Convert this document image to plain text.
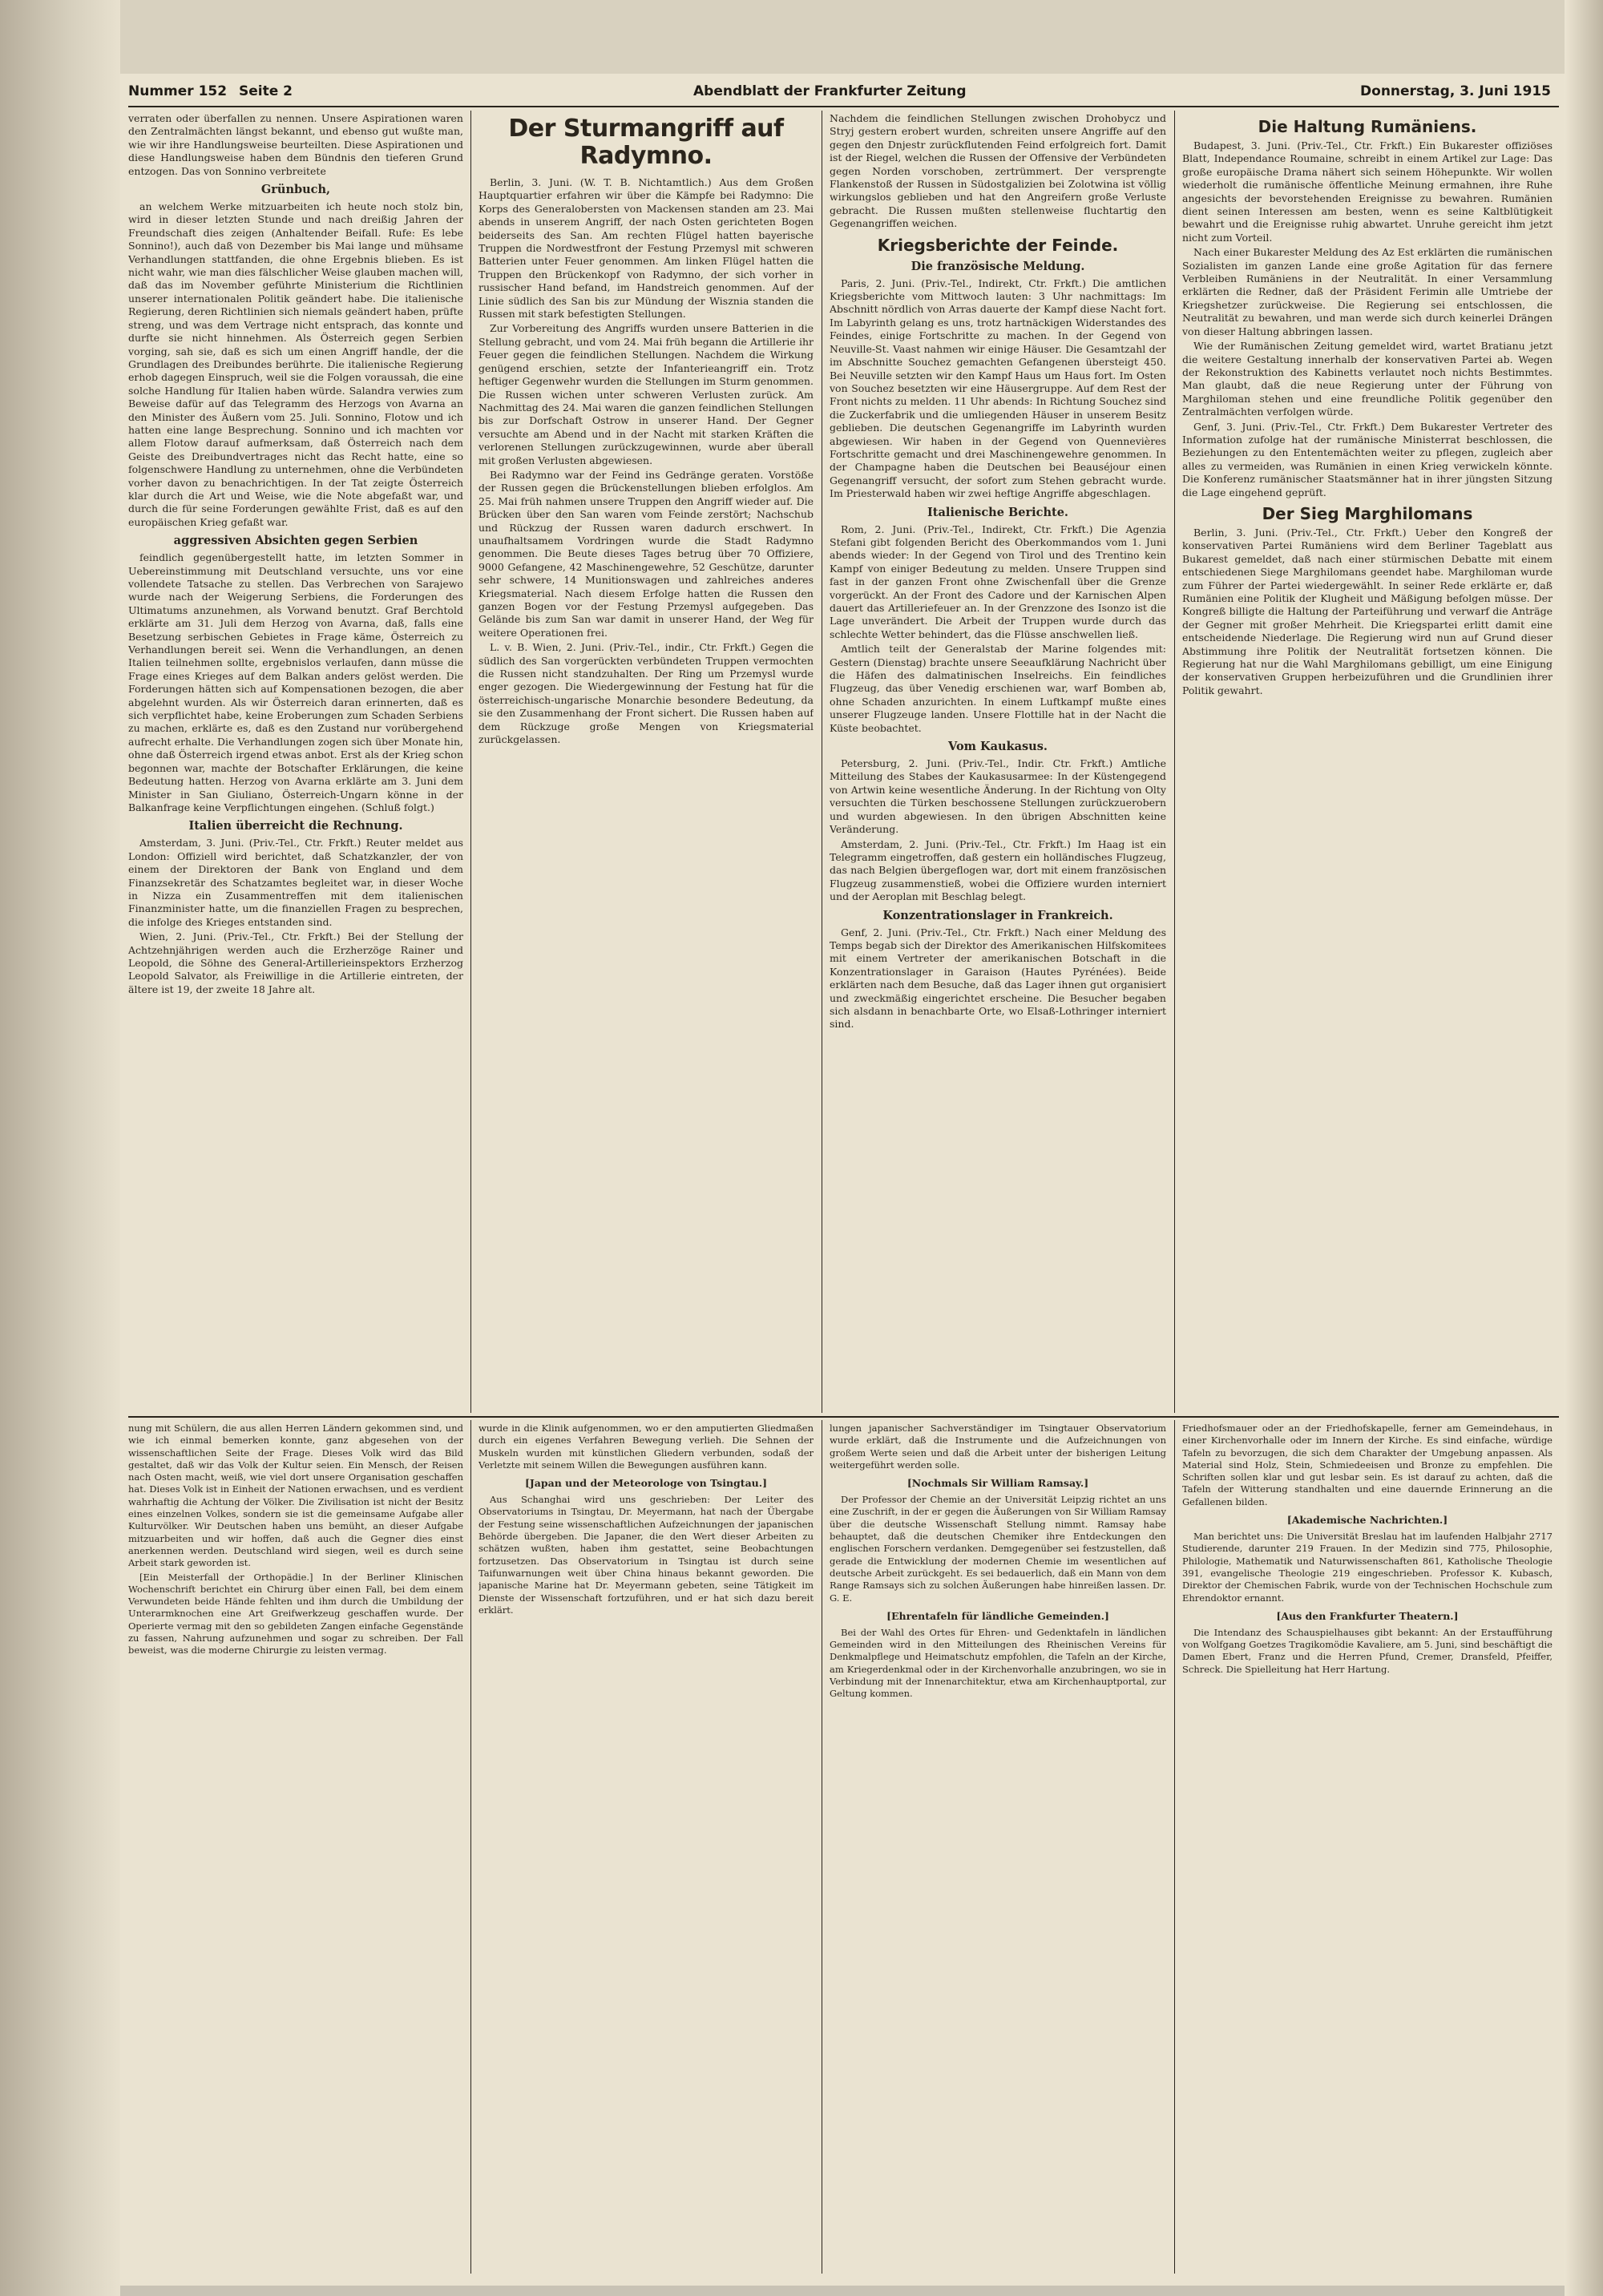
Nummer 152 Seite 2	Abendblatt der Frankfurter Zeitung	Donnerstag, 3. Juni 1915

verraten oder überfallen zu nennen. Unsere Aspirationen waren den Zentralmächten längst bekannt, und ebenso gut wußte man, wie wir ihre Handlungsweise beurteilten. Diese Aspirationen und diese Handlungsweise haben dem Bündnis den tieferen Grund entzogen. Das von Sonnino verbreitete

Grünbuch,

an welchem Werke mitzuarbeiten ich heute noch stolz bin, wird in dieser letzten Stunde und nach dreißig Jahren der Freundschaft dies zeigen (Anhaltender Beifall. Rufe: Es lebe Sonnino!), auch daß von Dezember bis Mai lange und mühsame Verhandlungen stattfanden, die ohne Ergebnis blieben. Es ist nicht wahr, wie man dies fälschlicher Weise glauben machen will, daß das im November geführte Ministerium die Richtlinien unserer internationalen Politik geändert habe. Die italienische Regierung, deren Richtlinien sich niemals geändert haben, prüfte streng, und was dem Vertrage nicht entsprach, das konnte und durfte sie nicht hinnehmen. Als Österreich gegen Serbien vorging, sah sie, daß es sich um einen Angriff handle, der die Grundlagen des Dreibundes berührte. Die italienische Regierung erhob dagegen Einspruch, weil sie die Folgen voraussah, die eine solche Handlung für Italien haben würde. Salandra verwies zum Beweise dafür auf das Telegramm des Herzogs von Avarna an den Minister des Äußern vom 25. Juli. Sonnino, Flotow und ich hatten eine lange Besprechung. Sonnino und ich machten vor allem Flotow darauf aufmerksam, daß Österreich nach dem Geiste des Dreibundvertrages nicht das Recht hatte, eine so folgenschwere Handlung zu unternehmen, ohne die Verbündeten vorher davon zu benachrichtigen. In der Tat zeigte Österreich klar durch die Art und Weise, wie die Note abgefaßt war, und durch die für seine Forderungen gewählte Frist, daß es auf den europäischen Krieg gefaßt war.

aggressiven Absichten gegen Serbien

feindlich gegenübergestellt hatte, im letzten Sommer in Uebereinstimmung mit Deutschland versuchte, uns vor eine vollendete Tatsache zu stellen. Das Verbrechen von Sarajewo wurde nach der Weigerung Serbiens, die Forderungen des Ultimatums anzunehmen, als Vorwand benutzt. Graf Berchtold erklärte am 31. Juli dem Herzog von Avarna, daß, falls eine Besetzung serbischen Gebietes in Frage käme, Österreich zu Verhandlungen bereit sei. Wenn die Verhandlungen, an denen Italien teilnehmen sollte, ergebnislos verlaufen, dann müsse die Frage eines Krieges auf dem Balkan anders gelöst werden. Die Forderungen hätten sich auf Kompensationen bezogen, die aber abgelehnt wurden. Als wir Österreich daran erinnerten, daß es sich verpflichtet habe, keine Eroberungen zum Schaden Serbiens zu machen, erklärte es, daß es den Zustand nur vorübergehend aufrecht erhalte. Die Verhandlungen zogen sich über Monate hin, ohne daß Österreich irgend etwas anbot. Erst als der Krieg schon begonnen war, machte der Botschafter Erklärungen, die keine Bedeutung hatten. Herzog von Avarna erklärte am 3. Juni dem Minister in San Giuliano, Österreich-Ungarn könne in der Balkanfrage keine Verpflichtungen eingehen. (Schluß folgt.)

Italien überreicht die Rechnung.

Amsterdam, 3. Juni. (Priv.-Tel., Ctr. Frkft.) Reuter meldet aus London: Offiziell wird berichtet, daß Schatzkanzler, der von einem der Direktoren der Bank von England und dem Finanzsekretär des Schatzamtes begleitet war, in dieser Woche in Nizza ein Zusammentreffen mit dem italienischen Finanzminister hatte, um die finanziellen Fragen zu besprechen, die infolge des Krieges entstanden sind.

Wien, 2. Juni. (Priv.-Tel., Ctr. Frkft.) Bei der Stellung der Achtzehnjährigen werden auch die Erzherzöge Rainer und Leopold, die Söhne des General-Artillerieinspektors Erzherzog Leopold Salvator, als Freiwillige in die Artillerie eintreten, der ältere ist 19, der zweite 18 Jahre alt.

Der Sturmangriff auf Radymno.

Berlin, 3. Juni. (W. T. B. Nichtamtlich.) Aus dem Großen Hauptquartier erfahren wir über die Kämpfe bei Radymno: Die Korps des Generalobersten von Mackensen standen am 23. Mai abends in unserem Angriff, der nach Osten gerichteten Bogen beiderseits des San. Am rechten Flügel hatten bayerische Truppen die Nordwestfront der Festung Przemysl mit schweren Batterien unter Feuer genommen. Am linken Flügel hatten die Truppen den Brückenkopf von Radymno, der sich vorher in russischer Hand befand, im Handstreich genommen. Auf der Linie südlich des San bis zur Mündung der Wisznia standen die Russen mit stark befestigten Stellungen.

Zur Vorbereitung des Angriffs wurden unsere Batterien in die Stellung gebracht, und vom 24. Mai früh begann die Artillerie ihr Feuer gegen die feindlichen Stellungen. Nachdem die Wirkung genügend erschien, setzte der Infanterieangriff ein. Trotz heftiger Gegenwehr wurden die Stellungen im Sturm genommen. Die Russen wichen unter schweren Verlusten zurück. Am Nachmittag des 24. Mai waren die ganzen feindlichen Stellungen bis zur Dorfschaft Ostrow in unserer Hand. Der Gegner versuchte am Abend und in der Nacht mit starken Kräften die verlorenen Stellungen zurückzugewinnen, wurde aber überall mit großen Verlusten abgewiesen.

Bei Radymno war der Feind ins Gedränge geraten. Vorstöße der Russen gegen die Brückenstellungen blieben erfolglos. Am 25. Mai früh nahmen unsere Truppen den Angriff wieder auf. Die Brücken über den San waren vom Feinde zerstört; Nachschub und Rückzug der Russen waren dadurch erschwert. In unaufhaltsamem Vordringen wurde die Stadt Radymno genommen. Die Beute dieses Tages betrug über 70 Offiziere, 9000 Gefangene, 42 Maschinengewehre, 52 Geschütze, darunter sehr schwere, 14 Munitionswagen und zahlreiches anderes Kriegsmaterial. Nach diesem Erfolge hatten die Russen den ganzen Bogen vor der Festung Przemysl aufgegeben. Das Gelände bis zum San war damit in unserer Hand, der Weg für weitere Operationen frei.

L. v. B. Wien, 2. Juni. (Priv.-Tel., indir., Ctr. Frkft.) Gegen die südlich des San vorgerückten verbündeten Truppen vermochten die Russen nicht standzuhalten. Der Ring um Przemysl wurde enger gezogen. Die Wiedergewinnung der Festung hat für die österreichisch-ungarische Monarchie besondere Bedeutung, da sie den Zusammenhang der Front sichert. Die Russen haben auf dem Rückzuge große Mengen von Kriegsmaterial zurückgelassen.

Nachdem die feindlichen Stellungen zwischen Drohobycz und Stryj gestern erobert wurden, schreiten unsere Angriffe auf den gegen den Dnjestr zurückflutenden Feind erfolgreich fort. Damit ist der Riegel, welchen die Russen der Offensive der Verbündeten gegen Norden vorschoben, zertrümmert. Der versprengte Flankenstoß der Russen in Südostgalizien bei Zolotwina ist völlig wirkungslos geblieben und hat den Angreifern große Verluste gebracht. Die Russen mußten stellenweise fluchtartig den Gegenangriffen weichen.

Kriegsberichte der Feinde.
Die französische Meldung.

Paris, 2. Juni. (Priv.-Tel., Indirekt, Ctr. Frkft.) Die amtlichen Kriegsberichte vom Mittwoch lauten: 3 Uhr nachmittags: Im Abschnitt nördlich von Arras dauerte der Kampf diese Nacht fort. Im Labyrinth gelang es uns, trotz hartnäckigen Widerstandes des Feindes, einige Fortschritte zu machen. In der Gegend von Neuville-St. Vaast nahmen wir einige Häuser. Die Gesamtzahl der im Abschnitte Souchez gemachten Gefangenen übersteigt 450. Bei Neuville setzten wir den Kampf Haus um Haus fort. Im Osten von Souchez besetzten wir eine Häusergruppe. Auf dem Rest der Front nichts zu melden. 11 Uhr abends: In Richtung Souchez sind die Zuckerfabrik und die umliegenden Häuser in unserem Besitz geblieben. Die deutschen Gegenangriffe im Labyrinth wurden abgewiesen. Wir haben in der Gegend von Quennevières Fortschritte gemacht und drei Maschinengewehre genommen. In der Champagne haben die Deutschen bei Beauséjour einen Gegenangriff versucht, der sofort zum Stehen gebracht wurde. Im Priesterwald haben wir zwei heftige Angriffe abgeschlagen.

Italienische Berichte.

Rom, 2. Juni. (Priv.-Tel., Indirekt, Ctr. Frkft.) Die Agenzia Stefani gibt folgenden Bericht des Oberkommandos vom 1. Juni abends wieder: In der Gegend von Tirol und des Trentino kein Kampf von einiger Bedeutung zu melden. Unsere Truppen sind fast in der ganzen Front ohne Zwischenfall über die Grenze vorgerückt. An der Front des Cadore und der Karnischen Alpen dauert das Artilleriefeuer an. In der Grenzzone des Isonzo ist die Lage unverändert. Die Arbeit der Truppen wurde durch das schlechte Wetter behindert, das die Flüsse anschwellen ließ.

Amtlich teilt der Generalstab der Marine folgendes mit: Gestern (Dienstag) brachte unsere Seeaufklärung Nachricht über die Häfen des dalmatinischen Inselreichs. Ein feindliches Flugzeug, das über Venedig erschienen war, warf Bomben ab, ohne Schaden anzurichten. In einem Luftkampf mußte eines unserer Flugzeuge landen. Unsere Flottille hat in der Nacht die Küste beobachtet.

Vom Kaukasus.

Petersburg, 2. Juni. (Priv.-Tel., Indir. Ctr. Frkft.) Amtliche Mitteilung des Stabes der Kaukasusarmee: In der Küstengegend von Artwin keine wesentliche Änderung. In der Richtung von Olty versuchten die Türken beschossene Stellungen zurückzuerobern und wurden abgewiesen. In den übrigen Abschnitten keine Veränderung.

Amsterdam, 2. Juni. (Priv.-Tel., Ctr. Frkft.) Im Haag ist ein Telegramm eingetroffen, daß gestern ein holländisches Flugzeug, das nach Belgien übergeflogen war, dort mit einem französischen Flugzeug zusammenstieß, wobei die Offiziere wurden interniert und der Aeroplan mit Beschlag belegt.

Konzentrationslager in Frankreich.

Genf, 2. Juni. (Priv.-Tel., Ctr. Frkft.) Nach einer Meldung des Temps begab sich der Direktor des Amerikanischen Hilfskomitees mit einem Vertreter der amerikanischen Botschaft in die Konzentrationslager in Garaison (Hautes Pyrénées). Beide erklärten nach dem Besuche, daß das Lager ihnen gut organisiert und zweckmäßig eingerichtet erscheine. Die Besucher begaben sich alsdann in benachbarte Orte, wo Elsaß-Lothringer interniert sind.

Die Haltung Rumäniens.

Budapest, 3. Juni. (Priv.-Tel., Ctr. Frkft.) Ein Bukarester offiziöses Blatt, Independance Roumaine, schreibt in einem Artikel zur Lage: Das große europäische Drama nähert sich seinem Höhepunkte. Wir wollen wiederholt die rumänische öffentliche Meinung ermahnen, ihre Ruhe angesichts der bevorstehenden Ereignisse zu bewahren. Rumänien dient seinen Interessen am besten, wenn es seine Kaltblütigkeit bewahrt und die Ereignisse ruhig abwartet. Unruhe gereicht ihm jetzt nicht zum Vorteil.

Nach einer Bukarester Meldung des Az Est erklärten die rumänischen Sozialisten im ganzen Lande eine große Agitation für das fernere Verbleiben Rumäniens in der Neutralität. In einer Versammlung erklärten die Redner, daß der Präsident Ferimin alle Umtriebe der Kriegshetzer zurückweise. Die Regierung sei entschlossen, die Neutralität zu bewahren, und man werde sich durch keinerlei Drängen von dieser Haltung abbringen lassen.

Wie der Rumänischen Zeitung gemeldet wird, wartet Bratianu jetzt die weitere Gestaltung innerhalb der konservativen Partei ab. Wegen der Rekonstruktion des Kabinetts verlautet noch nichts Bestimmtes. Man glaubt, daß die neue Regierung unter der Führung von Marghiloman stehen und eine freundliche Politik gegenüber den Zentralmächten verfolgen würde.

Genf, 3. Juni. (Priv.-Tel., Ctr. Frkft.) Dem Bukarester Vertreter des Information zufolge hat der rumänische Ministerrat beschlossen, die Beziehungen zu den Ententemächten weiter zu pflegen, zugleich aber alles zu vermeiden, was Rumänien in einen Krieg verwickeln könnte. Die Konferenz rumänischer Staatsmänner hat in ihrer jüngsten Sitzung die Lage eingehend geprüft.

Der Sieg Marghilomans

Berlin, 3. Juni. (Priv.-Tel., Ctr. Frkft.) Ueber den Kongreß der konservativen Partei Rumäniens wird dem Berliner Tageblatt aus Bukarest gemeldet, daß nach einer stürmischen Debatte mit einem entschiedenen Siege Marghilomans geendet habe. Marghiloman wurde zum Führer der Partei wiedergewählt. In seiner Rede erklärte er, daß Rumänien eine Politik der Klugheit und Mäßigung befolgen müsse. Der Kongreß billigte die Haltung der Parteiführung und verwarf die Anträge der Gegner mit großer Mehrheit. Die Kriegspartei erlitt damit eine entscheidende Niederlage. Die Regierung wird nun auf Grund dieser Abstimmung ihre Politik der Neutralität fortsetzen können. Die Regierung hat nur die Wahl Marghilomans gebilligt, um eine Einigung der konservativen Gruppen herbeizuführen und die Grundlinien ihrer Politik gewahrt.

nung mit Schülern, die aus allen Herren Ländern gekommen sind, und wie ich einmal bemerken konnte, ganz abgesehen von der wissenschaftlichen Seite der Frage. Dieses Volk wird das Bild gestaltet, daß wir das Volk der Kultur seien. Ein Mensch, der Reisen nach Osten macht, weiß, wie viel dort unsere Organisation geschaffen hat. Dieses Volk ist in Einheit der Nationen erwachsen, und es verdient wahrhaftig die Achtung der Völker. Die Zivilisation ist nicht der Besitz eines einzelnen Volkes, sondern sie ist die gemeinsame Aufgabe aller Kulturvölker. Wir Deutschen haben uns bemüht, an dieser Aufgabe mitzuarbeiten und wir hoffen, daß auch die Gegner dies einst anerkennen werden. Deutschland wird siegen, weil es durch seine Arbeit stark geworden ist.

[Ein Meisterfall der Orthopädie.] In der Berliner Klinischen Wochenschrift berichtet ein Chirurg über einen Fall, bei dem einem Verwundeten beide Hände fehlten und ihm durch die Umbildung der Unterarmknochen eine Art Greifwerkzeug geschaffen wurde. Der Operierte vermag mit den so gebildeten Zangen einfache Gegenstände zu fassen, Nahrung aufzunehmen und sogar zu schreiben. Der Fall beweist, was die moderne Chirurgie zu leisten vermag.

wurde in die Klinik aufgenommen, wo er den amputierten Gliedmaßen durch ein eigenes Verfahren Bewegung verlieh. Die Sehnen der Muskeln wurden mit künstlichen Gliedern verbunden, sodaß der Verletzte mit seinem Willen die Bewegungen ausführen kann.

[Japan und der Meteorologe von Tsingtau.]

Aus Schanghai wird uns geschrieben: Der Leiter des Observatoriums in Tsingtau, Dr. Meyermann, hat nach der Übergabe der Festung seine wissenschaftlichen Aufzeichnungen der japanischen Behörde übergeben. Die Japaner, die den Wert dieser Arbeiten zu schätzen wußten, haben ihm gestattet, seine Beobachtungen fortzusetzen. Das Observatorium in Tsingtau ist durch seine Taifunwarnungen weit über China hinaus bekannt geworden. Die japanische Marine hat Dr. Meyermann gebeten, seine Tätigkeit im Dienste der Wissenschaft fortzuführen, und er hat sich dazu bereit erklärt.

lungen japanischer Sachverständiger im Tsingtauer Observatorium wurde erklärt, daß die Instrumente und die Aufzeichnungen von großem Werte seien und daß die Arbeit unter der bisherigen Leitung weitergeführt werden solle.

[Nochmals Sir William Ramsay.]

Der Professor der Chemie an der Universität Leipzig richtet an uns eine Zuschrift, in der er gegen die Äußerungen von Sir William Ramsay über die deutsche Wissenschaft Stellung nimmt. Ramsay habe behauptet, daß die deutschen Chemiker ihre Entdeckungen den englischen Forschern verdanken. Demgegenüber sei festzustellen, daß gerade die Entwicklung der modernen Chemie im wesentlichen auf deutsche Arbeit zurückgeht. Es sei bedauerlich, daß ein Mann von dem Range Ramsays sich zu solchen Äußerungen habe hinreißen lassen. Dr. G. E.

[Ehrentafeln für ländliche Gemeinden.]

Bei der Wahl des Ortes für Ehren- und Gedenktafeln in ländlichen Gemeinden wird in den Mitteilungen des Rheinischen Vereins für Denkmalpflege und Heimatschutz empfohlen, die Tafeln an der Kirche, am Kriegerdenkmal oder in der Kirchenvorhalle anzubringen, wo sie in Verbindung mit der Innenarchitektur, etwa am Kirchenhauptportal, zur Geltung kommen.

Friedhofsmauer oder an der Friedhofskapelle, ferner am Gemeindehaus, in einer Kirchenvorhalle oder im Innern der Kirche. Es sind einfache, würdige Tafeln zu bevorzugen, die sich dem Charakter der Umgebung anpassen. Als Material sind Holz, Stein, Schmiedeeisen und Bronze zu empfehlen. Die Schriften sollen klar und gut lesbar sein. Es ist darauf zu achten, daß die Tafeln der Witterung standhalten und eine dauernde Erinnerung an die Gefallenen bilden.

[Akademische Nachrichten.]

Man berichtet uns: Die Universität Breslau hat im laufenden Halbjahr 2717 Studierende, darunter 219 Frauen. In der Medizin sind 775, Philosophie, Philologie, Mathematik und Naturwissenschaften 861, Katholische Theologie 391, evangelische Theologie 219 eingeschrieben. Professor K. Kubasch, Direktor der Chemischen Fabrik, wurde von der Technischen Hochschule zum Ehrendoktor ernannt.

[Aus den Frankfurter Theatern.]

Die Intendanz des Schauspielhauses gibt bekannt: An der Erstaufführung von Wolfgang Goetzes Tragikomödie Kavaliere, am 5. Juni, sind beschäftigt die Damen Ebert, Franz und die Herren Pfund, Cremer, Dransfeld, Pfeiffer, Schreck. Die Spielleitung hat Herr Hartung.
